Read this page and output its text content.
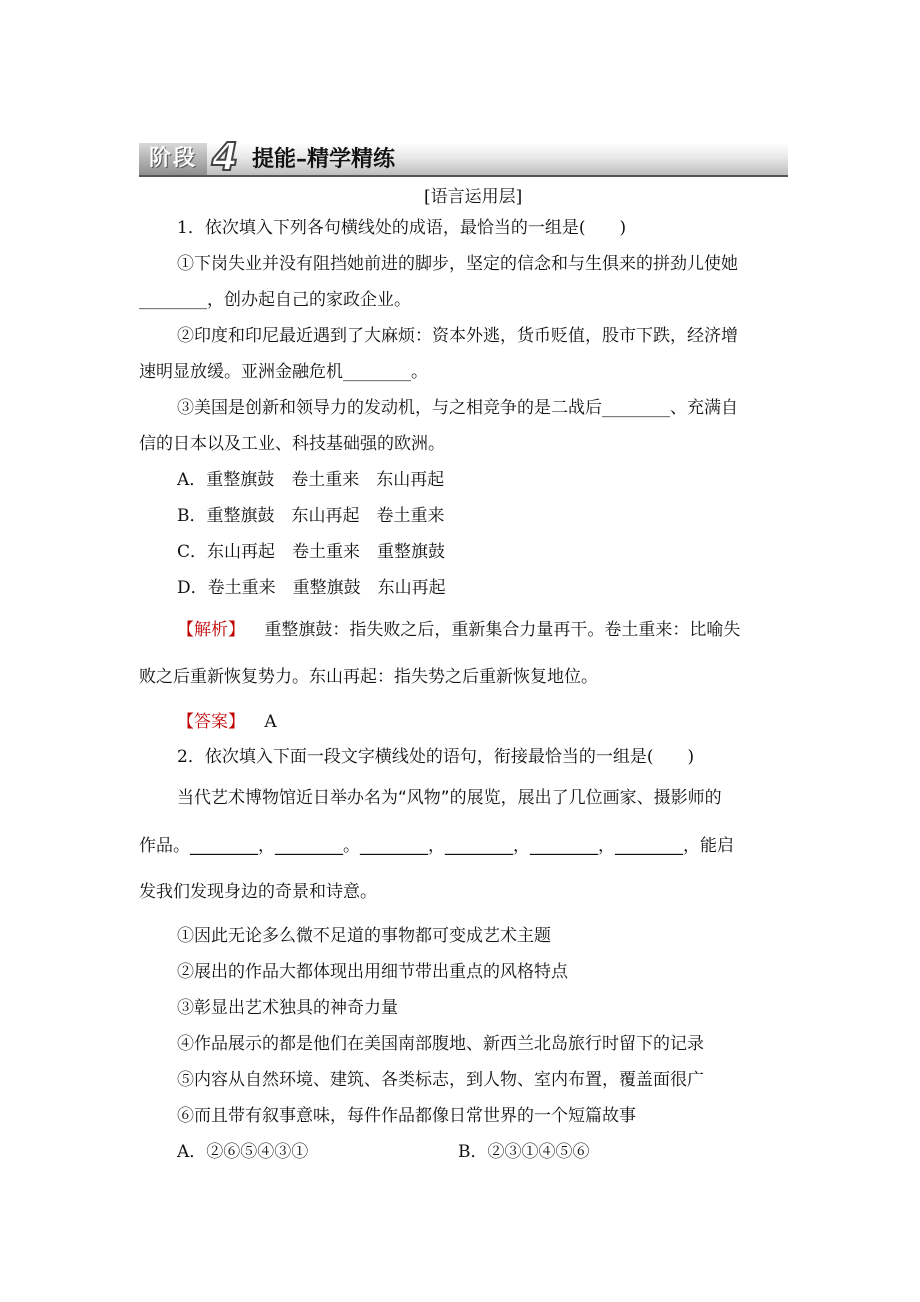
阶段 4 提能–精学精练
[语言运用层]
1．依次填入下列各句横线处的成语，最恰当的一组是(　　)
①下岗失业并没有阻挡她前进的脚步，坚定的信念和与生俱来的拼劲儿使她
________，创办起自己的家政企业。
②印度和印尼最近遇到了大麻烦：资本外逃，货币贬值，股市下跌，经济增
速明显放缓。亚洲金融危机________。
③美国是创新和领导力的发动机，与之相竞争的是二战后________、充满自
信的日本以及工业、科技基础强的欧洲。
A．重整旗鼓　卷土重来　东山再起
B．重整旗鼓　东山再起　卷土重来
C．东山再起　卷土重来　重整旗鼓
D．卷土重来　重整旗鼓　东山再起
【解析】 重整旗鼓：指失败之后，重新集合力量再干。卷土重来：比喻失
败之后重新恢复势力。东山再起：指失势之后重新恢复地位。
【答案】 A
2．依次填入下面一段文字横线处的语句，衔接最恰当的一组是(　　)
当代艺术博物馆近日举办名为“风物”的展览，展出了几位画家、摄影师的
作品。________，________。________，________，________，________，能启
发我们发现身边的奇景和诗意。
①因此无论多么微不足道的事物都可变成艺术主题
②展出的作品大都体现出用细节带出重点的风格特点
③彰显出艺术独具的神奇力量
④作品展示的都是他们在美国南部腹地、新西兰北岛旅行时留下的记录
⑤内容从自然环境、建筑、各类标志，到人物、室内布置，覆盖面很广
⑥而且带有叙事意味，每件作品都像日常世界的一个短篇故事
A．②⑥⑤④③①	B．②③①④⑤⑥
